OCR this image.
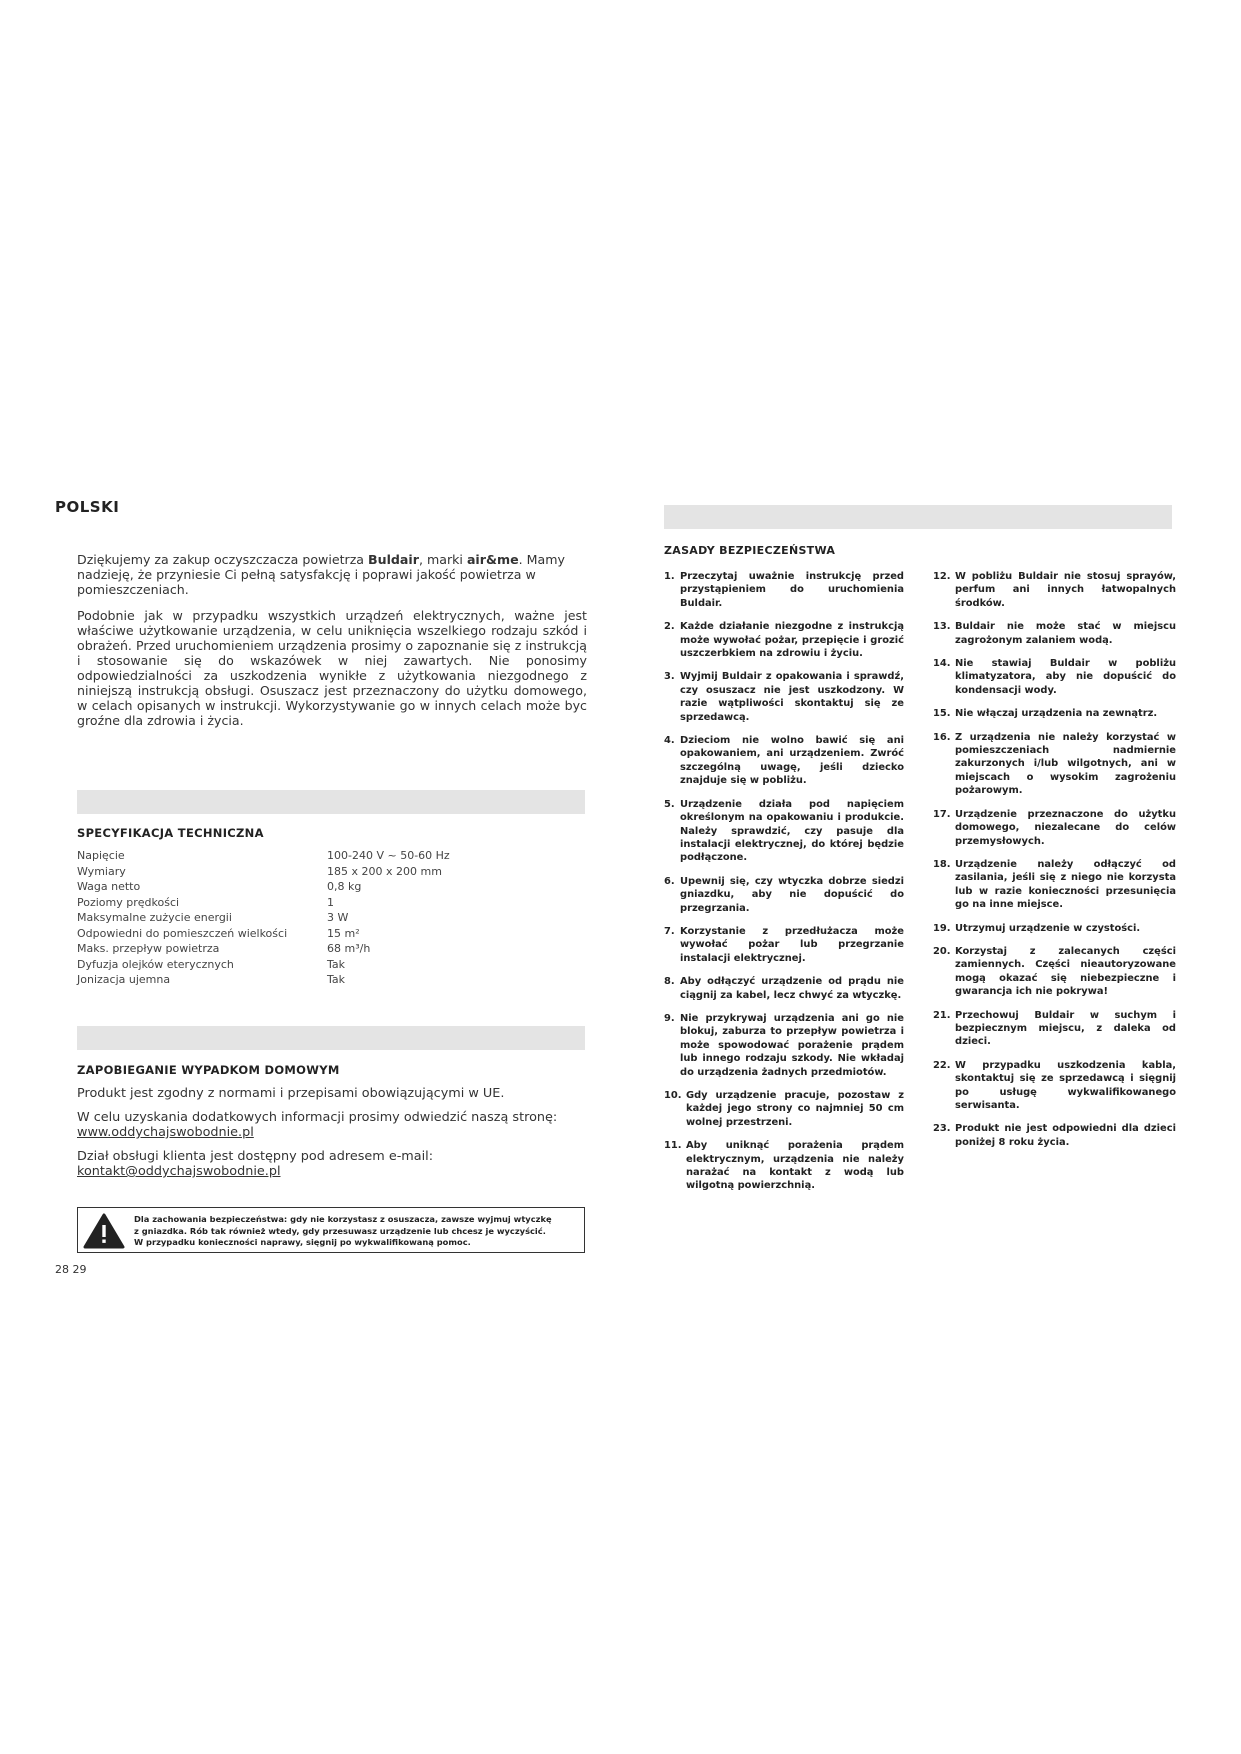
POLSKI

Dziękujemy za zakup oczyszczacza powietrza Buldair, marki air&me. Mamy nadzieję, że przyniesie Ci pełną satysfakcję i poprawi jakość powietrza w pomieszczeniach.

Podobnie jak w przypadku wszystkich urządzeń elektrycznych, ważne jest właściwe użytkowanie urządzenia, w celu uniknięcia wszelkiego rodzaju szkód i obrażeń. Przed uruchomieniem urządzenia prosimy o zapoznanie się z instrukcją i stosowanie się do wskazówek w niej zawartych. Nie ponosimy odpowiedzialności za uszkodzenia wynikłe z użytkowania niezgodnego z niniejszą instrukcją obsługi. Osuszacz jest przeznaczony do użytku domowego, w celach opisanych w instrukcji. Wykorzystywanie go w innych celach może byc groźne dla zdrowia i życia.

SPECYFIKACJA TECHNICZNA
Napięcie	100-240 V ~ 50-60 Hz
Wymiary	185 x 200 x 200 mm
Waga netto	0,8 kg
Poziomy prędkości	1
Maksymalne zużycie energii	3 W
Odpowiedni do pomieszczeń wielkości	15 m²
Maks. przepływ powietrza	68 m³/h
Dyfuzja olejków eterycznych	Tak
Jonizacja ujemna	Tak
ZAPOBIEGANIE WYPADKOM DOMOWYM

Produkt jest zgodny z normami i przepisami obowiązującymi w UE.

W celu uzyskania dodatkowych informacji prosimy odwiedzić naszą stronę:
www.oddychajswobodnie.pl

Dział obsługi klienta jest dostępny pod adresem e-mail:
kontakt@oddychajswobodnie.pl

Dla zachowania bezpieczeństwa: gdy nie korzystasz z osuszacza, zawsze wyjmuj wtyczkę
z gniazdka. Rób tak również wtedy, gdy przesuwasz urządzenie lub chcesz je wyczyścić.
W przypadku konieczności naprawy, sięgnij po wykwalifikowaną pomoc.
28 29
ZASADY BEZPIECZEŃSTWA
1. Przeczytaj uważnie instrukcję przed przystąpieniem do uruchomienia Buldair.
2. Każde działanie niezgodne z instrukcją może wywołać pożar, przepięcie i grozić uszczerbkiem na zdrowiu i życiu.
3. Wyjmij Buldair z opakowania i sprawdź, czy osuszacz nie jest uszkodzony. W razie wątpliwości skontaktuj się ze sprzedawcą.
4. Dzieciom nie wolno bawić się ani opakowaniem, ani urządzeniem. Zwróć szczególną uwagę, jeśli dziecko znajduje się w pobliżu.
5. Urządzenie działa pod napięciem określonym na opakowaniu i produkcie. Należy sprawdzić, czy pasuje dla instalacji elektrycznej, do której będzie podłączone.
6. Upewnij się, czy wtyczka dobrze siedzi gniazdku, aby nie dopuścić do przegrzania.
7. Korzystanie z przedłużacza może wywołać pożar lub przegrzanie instalacji elektrycznej.
8. Aby odłączyć urządzenie od prądu nie ciągnij za kabel, lecz chwyć za wtyczkę.
9. Nie przykrywaj urządzenia ani go nie blokuj, zaburza to przepływ powietrza i może spowodować porażenie prądem lub innego rodzaju szkody. Nie wkładaj do urządzenia żadnych przedmiotów.
10. Gdy urządzenie pracuje, pozostaw z każdej jego strony co najmniej 50 cm wolnej przestrzeni.
11. Aby uniknąć porażenia prądem elektrycznym, urządzenia nie należy narażać na kontakt z wodą lub wilgotną powierzchnią.
12. W pobliżu Buldair nie stosuj sprayów, perfum ani innych łatwopalnych środków.
13. Buldair nie może stać w miejscu zagrożonym zalaniem wodą.
14. Nie stawiaj Buldair w pobliżu klimatyzatora, aby nie dopuścić do kondensacji wody.
15. Nie włączaj urządzenia na zewnątrz.
16. Z urządzenia nie należy korzystać w pomieszczeniach nadmiernie zakurzonych i/lub wilgotnych, ani w miejscach o wysokim zagrożeniu pożarowym.
17. Urządzenie przeznaczone do użytku domowego, niezalecane do celów przemysłowych.
18. Urządzenie należy odłączyć od zasilania, jeśli się z niego nie korzysta lub w razie konieczności przesunięcia go na inne miejsce.
19. Utrzymuj urządzenie w czystości.
20. Korzystaj z zalecanych części zamiennych. Części nieautoryzowane mogą okazać się niebezpieczne i gwarancja ich nie pokrywa!
21. Przechowuj Buldair w suchym i bezpiecznym miejscu, z daleka od dzieci.
22. W przypadku uszkodzenia kabla, skontaktuj się ze sprzedawcą i sięgnij po usługę wykwalifikowanego serwisanta.
23. Produkt nie jest odpowiedni dla dzieci poniżej 8 roku życia.
